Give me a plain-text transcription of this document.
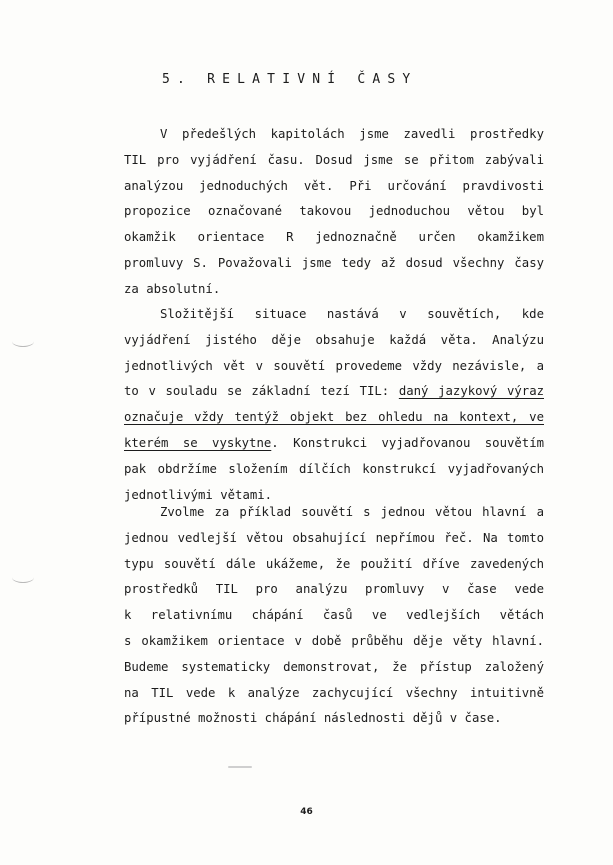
5. RELATIVNÍ ČASY

V předešlých kapitolách jsme zavedli prostředky
TIL pro vyjádření času. Dosud jsme se přitom zabývali
analýzou jednoduchých vět. Při určování pravdivosti
propozice označované takovou jednoduchou větou byl
okamžik orientace R jednoznačně určen okamžikem
promluvy S. Považovali jsme tedy až dosud všechny časy
za absolutní.

Složitější situace nastává v souvětích, kde
vyjádření jistého děje obsahuje každá věta. Analýzu
jednotlivých vět v souvětí provedeme vždy nezávisle, a
to v souladu se základní tezí TIL: daný jazykový výraz
označuje vždy tentýž objekt bez ohledu na kontext, ve
kterém se vyskytne. Konstrukci vyjadřovanou souvětím
pak obdržíme složením dílčích konstrukcí vyjadřovaných
jednotlivými větami.

Zvolme za příklad souvětí s jednou větou hlavní a
jednou vedlejší větou obsahující nepřímou řeč. Na tomto
typu souvětí dále ukážeme, že použití dříve zavedených
prostředků TIL pro analýzu promluvy v čase vede
k relativnímu chápání časů ve vedlejších větách
s okamžikem orientace v době průběhu děje věty hlavní.
Budeme systematicky demonstrovat, že přístup založený
na TIL vede k analýze zachycující všechny intuitivně
přípustné možnosti chápání následnosti dějů v čase.

46
